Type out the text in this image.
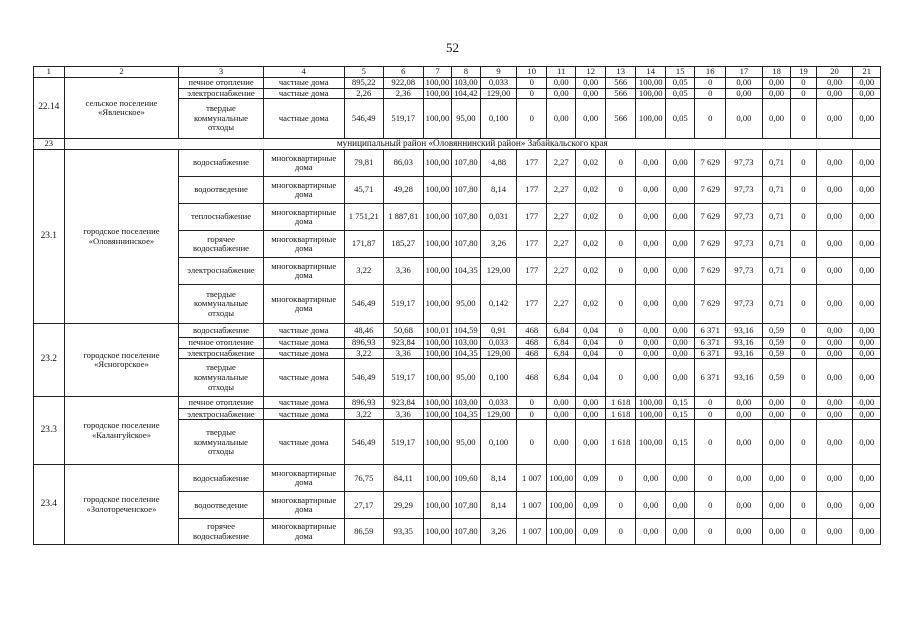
52
1	2	3	4	5	6	7	8	9	10	11	12	13	14	15	16	17	18	19	20	21
22.14	сельское поселение «Явленское»	печное отопление	частные дома	895,22	922,08	100,00	103,00	0,033	0	0,00	0,00	566	100,00	0,05	0	0,00	0,00	0	0,00	0,00
		электроснабжение	частные дома	2,26	2,36	100,00	104,42	129,00	0	0,00	0,00	566	100,00	0,05	0	0,00	0,00	0	0,00	0,00
		твердые коммунальные отходы	частные дома	546,49	519,17	100,00	95,00	0,100	0	0,00	0,00	566	100,00	0,05	0	0,00	0,00	0	0,00	0,00
23	муниципальный район «Оловяннинский район» Забайкальского края																			
23.1	городское поселение «Оловяннинское»	водоснабжение	многоквартирные дома	79,81	86,03	100,00	107,80	4,88	177	2,27	0,02	0	0,00	0,00	7 629	97,73	0,71	0	0,00	0,00
		водоотведение	многоквартирные дома	45,71	49,28	100,00	107,80	8,14	177	2,27	0,02	0	0,00	0,00	7 629	97,73	0,71	0	0,00	0,00
		теплоснабжение	многоквартирные дома	1 751,21	1 887,81	100,00	107,80	0,031	177	2,27	0,02	0	0,00	0,00	7 629	97,73	0,71	0	0,00	0,00
		горячее водоснабжение	многоквартирные дома	171,87	185,27	100,00	107,80	3,26	177	2,27	0,02	0	0,00	0,00	7 629	97,73	0,71	0	0,00	0,00
		электроснабжение	многоквартирные дома	3,22	3,36	100,00	104,35	129,00	177	2,27	0,02	0	0,00	0,00	7 629	97,73	0,71	0	0,00	0,00
		твердые коммунальные отходы	многоквартирные дома	546,49	519,17	100,00	95,00	0,142	177	2,27	0,02	0	0,00	0,00	7 629	97,73	0,71	0	0,00	0,00
23.2	городское поселение «Ясногорское»	водоснабжение	частные дома	48,46	50,68	100,01	104,59	0,91	468	6,84	0,04	0	0,00	0,00	6 371	93,16	0,59	0	0,00	0,00
		печное отопление	частные дома	896,93	923,84	100,00	103,00	0,033	468	6,84	0,04	0	0,00	0,00	6 371	93,16	0,59	0	0,00	0,00
		электроснабжение	частные дома	3,22	3,36	100,00	104,35	129,00	468	6,84	0,04	0	0,00	0,00	6 371	93,16	0,59	0	0,00	0,00
		твердые коммунальные отходы	частные дома	546,49	519,17	100,00	95,00	0,100	468	6,84	0,04	0	0,00	0,00	6 371	93,16	0,59	0	0,00	0,00
23.3	городское поселение «Калангуйское»	печное отопление	частные дома	896,93	923,84	100,00	103,00	0,033	0	0,00	0,00	1 618	100,00	0,15	0	0,00	0,00	0	0,00	0,00
		электроснабжение	частные дома	3,22	3,36	100,00	104,35	129,00	0	0,00	0,00	1 618	100,00	0,15	0	0,00	0,00	0	0,00	0,00
		твердые коммунальные отходы	частные дома	546,49	519,17	100,00	95,00	0,100	0	0,00	0,00	1 618	100,00	0,15	0	0,00	0,00	0	0,00	0,00
23.4	городское поселение «Золотореченское»	водоснабжение	многоквартирные дома	76,75	84,11	100,00	109,60	8,14	1 007	100,00	0,09	0	0,00	0,00	0	0,00	0,00	0	0,00	0,00
		водоотведение	многоквартирные дома	27,17	29,29	100,00	107,80	8,14	1 007	100,00	0,09	0	0,00	0,00	0	0,00	0,00	0	0,00	0,00
		горячее водоснабжение	многоквартирные дома	86,59	93,35	100,00	107,80	3,26	1 007	100,00	0,09	0	0,00	0,00	0	0,00	0,00	0	0,00	0,00
